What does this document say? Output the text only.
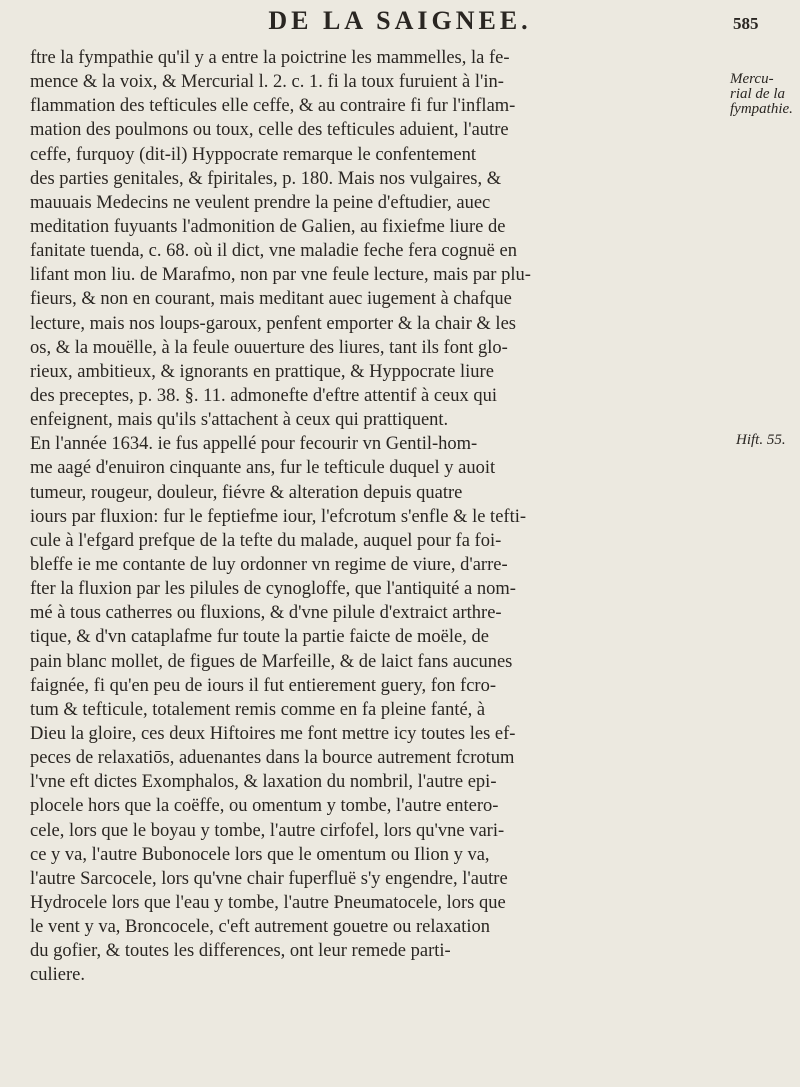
DE LA SAIGNEE.	585
ftre la fympathie qu'il y a entre la poictrine les mammelles, la fe-
mence & la voix, & Mercurial l. 2. c. 1. fi la toux furuient à l'in-
flammation des tefticules elle ceffe, & au contraire fi fur l'inflam-
mation des poulmons ou toux, celle des tefticules aduient, l'autre
ceffe, furquoy (dit-il) Hyppocrate remarque le confentement
des parties genitales, & fpiritales, p. 180. Mais nos vulgaires, &
mauuais Medecins ne veulent prendre la peine d'eftudier, auec
meditation fuyuants l'admonition de Galien, au fixiefme liure de
fanitate tuenda, c. 68. où il dict, vne maladie feche fera cognuë en
lifant mon liu. de Marafmo, non par vne feule lecture, mais par plu-
fieurs, & non en courant, mais meditant auec iugement à chafque
lecture, mais nos loups-garoux, penfent emporter & la chair & les
os, & la mouëlle, à la feule ouuerture des liures, tant ils font glo-
rieux, ambitieux, & ignorants en prattique, & Hyppocrate liure
des preceptes, p. 38. §. 11. admonefte d'eftre attentif à ceux qui
enfeignent, mais qu'ils s'attachent à ceux qui prattiquent.
En l'année 1634. ie fus appellé pour fecourir vn Gentil-hom-
me aagé d'enuiron cinquante ans, fur le tefticule duquel y auoit
tumeur, rougeur, douleur, fiévre & alteration depuis quatre
iours par fluxion: fur le feptiefme iour, l'efcrotum s'enfle & le tefti-
cule à l'efgard prefque de la tefte du malade, auquel pour fa foi-
bleffe ie me contante de luy ordonner vn regime de viure, d'arre-
fter la fluxion par les pilules de cynogloffe, que l'antiquité a nom-
mé à tous catherres ou fluxions, & d'vne pilule d'extraict arthre-
tique, & d'vn cataplafme fur toute la partie faicte de moële, de
pain blanc mollet, de figues de Marfeille, & de laict fans aucunes
faignée, fi qu'en peu de iours il fut entierement guery, fon fcro-
tum & tefticule, totalement remis comme en fa pleine fanté, à
Dieu la gloire, ces deux Hiftoires me font mettre icy toutes les ef-
peces de relaxatiōs, aduenantes dans la bource autrement fcrotum
l'vne eft dictes Exomphalos, & laxation du nombril, l'autre epi-
plocele hors que la coëffe, ou omentum y tombe, l'autre entero-
cele, lors que le boyau y tombe, l'autre cirfofel, lors qu'vne vari-
ce y va, l'autre Bubonocele lors que le omentum ou Ilion y va,
l'autre Sarcocele, lors qu'vne chair fuperfluë s'y engendre, l'autre
Hydrocele lors que l'eau y tombe, l'autre Pneumatocele, lors que
le vent y va, Broncocele, c'eft autrement gouetre ou relaxation
du gofier, & toutes les differences, ont leur remede parti-
culiere.
Mercu-
rial de la
fympathie.
Hift. 55.
